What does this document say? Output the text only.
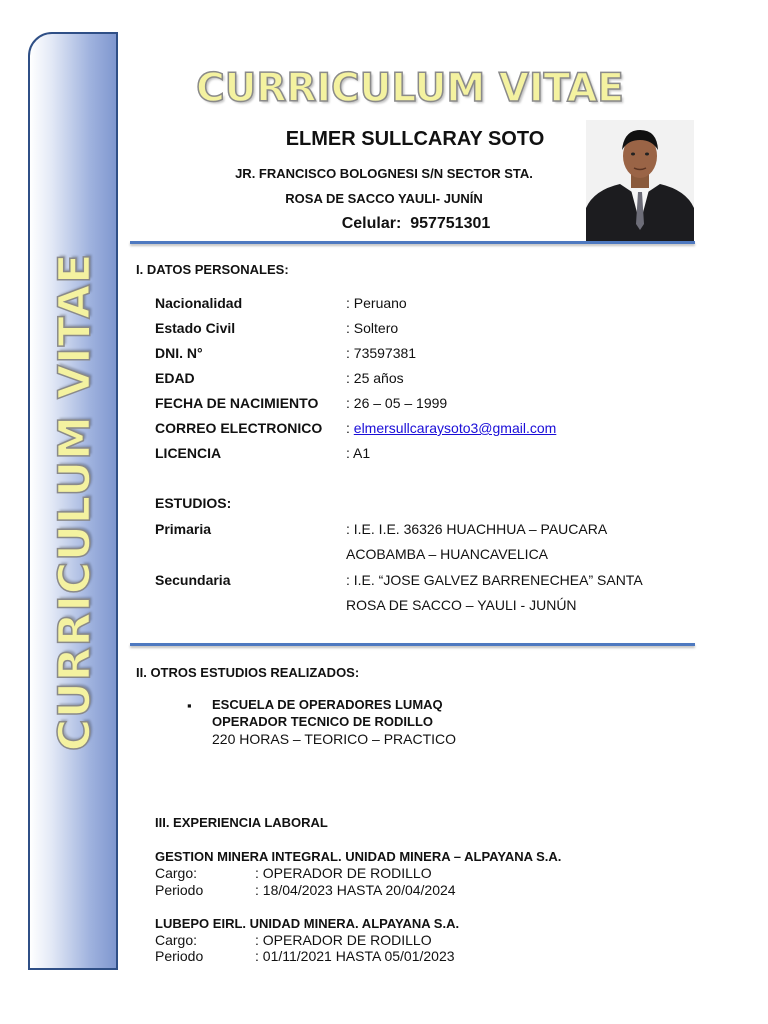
CURRICULUM VITAE
CURRICULUM VITAE
ELMER SULLCARAY SOTO
JR. FRANCISCO BOLOGNESI S/N SECTOR STA.
ROSA DE SACCO YAULI- JUNÍN
Celular: 957751301
I. DATOS PERSONALES:
Nacionalidad	: Peruano
Estado Civil	: Soltero
DNI. N°	: 73597381
EDAD	: 25 años
FECHA DE NACIMIENTO : 26 – 05 – 1999
CORREO ELECTRONICO : elmersullcaraysoto3@gmail.com
LICENCIA	: A1
ESTUDIOS:
Primaria	: I.E. I.E. 36326 HUACHHUA – PAUCARA
ACOBAMBA – HUANCAVELICA
Secundaria	: I.E. “JOSE GALVEZ BARRENECHEA” SANTA
ROSA DE SACCO – YAULI - JUNÚN
II. OTROS ESTUDIOS REALIZADOS:
▪ ESCUELA DE OPERADORES LUMAQ
OPERADOR TECNICO DE RODILLO
220 HORAS – TEORICO – PRACTICO
III. EXPERIENCIA LABORAL
GESTION MINERA INTEGRAL. UNIDAD MINERA – ALPAYANA S.A.
Cargo:	: OPERADOR DE RODILLO
Periodo	: 18/04/2023 HASTA 20/04/2024
LUBEPO EIRL. UNIDAD MINERA. ALPAYANA S.A.
Cargo:	: OPERADOR DE RODILLO
Periodo	: 01/11/2021 HASTA 05/01/2023
